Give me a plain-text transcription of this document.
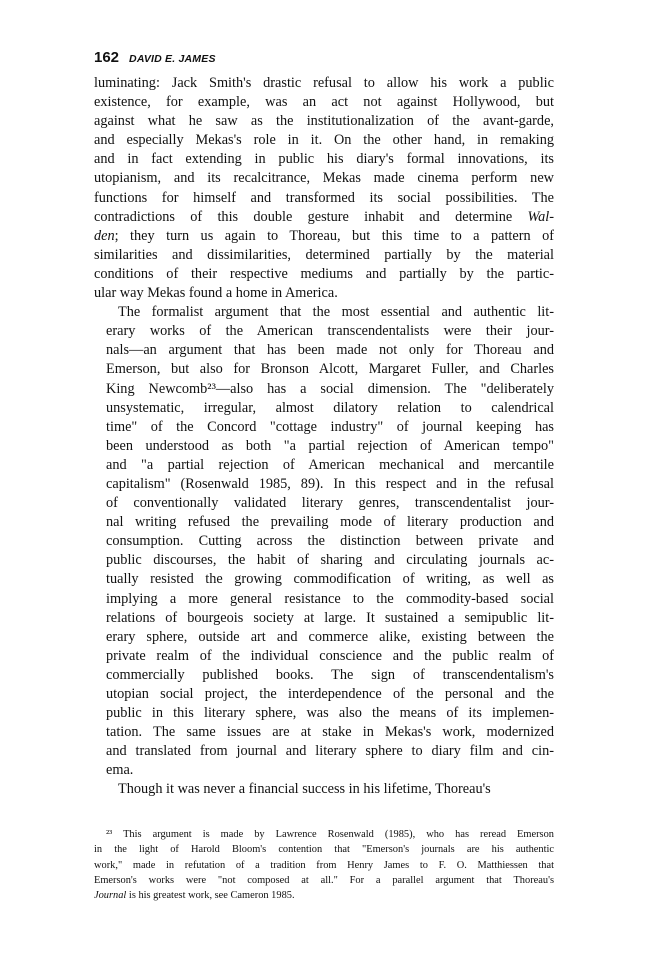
162 DAVID E. JAMES

luminating: Jack Smith's drastic refusal to allow his work a public
existence, for example, was an act not against Hollywood, but
against what he saw as the institutionalization of the avant-garde,
and especially Mekas's role in it. On the other hand, in remaking
and in fact extending in public his diary's formal innovations, its
utopianism, and its recalcitrance, Mekas made cinema perform new
functions for himself and transformed its social possibilities. The
contradictions of this double gesture inhabit and determine Wal-
den; they turn us again to Thoreau, but this time to a pattern of
similarities and dissimilarities, determined partially by the material
conditions of their respective mediums and partially by the partic-
ular way Mekas found a home in America.

The formalist argument that the most essential and authentic lit-
erary works of the American transcendentalists were their jour-
nals—an argument that has been made not only for Thoreau and
Emerson, but also for Bronson Alcott, Margaret Fuller, and Charles
King Newcomb²³—also has a social dimension. The "deliberately
unsystematic, irregular, almost dilatory relation to calendrical
time" of the Concord "cottage industry" of journal keeping has
been understood as both "a partial rejection of American tempo"
and "a partial rejection of American mechanical and mercantile
capitalism" (Rosenwald 1985, 89). In this respect and in the refusal
of conventionally validated literary genres, transcendentalist jour-
nal writing refused the prevailing mode of literary production and
consumption. Cutting across the distinction between private and
public discourses, the habit of sharing and circulating journals ac-
tually resisted the growing commodification of writing, as well as
implying a more general resistance to the commodity-based social
relations of bourgeois society at large. It sustained a semipublic lit-
erary sphere, outside art and commerce alike, existing between the
private realm of the individual conscience and the public realm of
commercially published books. The sign of transcendentalism's
utopian social project, the interdependence of the personal and the
public in this literary sphere, was also the means of its implemen-
tation. The same issues are at stake in Mekas's work, modernized
and translated from journal and literary sphere to diary film and cin-
ema.

Though it was never a financial success in his lifetime, Thoreau's

²³ This argument is made by Lawrence Rosenwald (1985), who has reread Emerson
in the light of Harold Bloom's contention that "Emerson's journals are his authentic
work," made in refutation of a tradition from Henry James to F. O. Matthiessen that
Emerson's works were "not composed at all." For a parallel argument that Thoreau's
Journal is his greatest work, see Cameron 1985.
